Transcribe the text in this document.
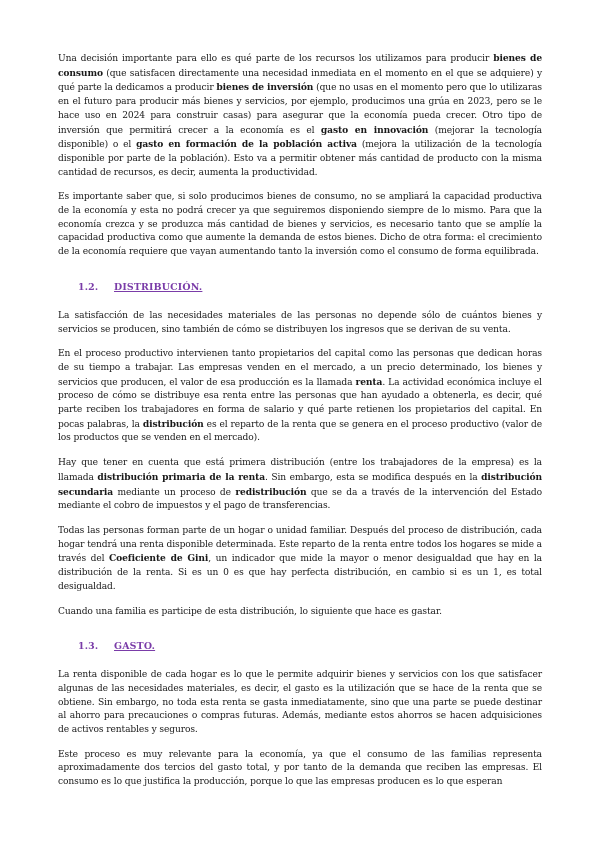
Una decisión importante para ello es qué parte de los recursos los utilizamos para producir bienes de consumo (que satisfacen directamente una necesidad inmediata en el momento en el que se adquiere) y qué parte la dedicamos a producir bienes de inversión (que no usas en el momento pero que lo utilizaras en el futuro para producir más bienes y servicios, por ejemplo, producimos una grúa en 2023, pero se le hace uso en 2024 para construir casas) para asegurar que la economía pueda crecer. Otro tipo de inversión que permitirá crecer a la economía es el gasto en innovación (mejorar la tecnología disponible) o el gasto en formación de la población activa (mejora la utilización de la tecnología disponible por parte de la población). Esto va a permitir obtener más cantidad de producto con la misma cantidad de recursos, es decir, aumenta la productividad.

Es importante saber que, si solo producimos bienes de consumo, no se ampliará la capacidad productiva de la economía y esta no podrá crecer ya que seguiremos disponiendo siempre de lo mismo. Para que la economía crezca y se produzca más cantidad de bienes y servicios, es necesario tanto que se amplíe la capacidad productiva como que aumente la demanda de estos bienes. Dicho de otra forma: el crecimiento de la economía requiere que vayan aumentando tanto la inversión como el consumo de forma equilibrada.

1.2. DISTRIBUCIÓN.

La satisfacción de las necesidades materiales de las personas no depende sólo de cuántos bienes y servicios se producen, sino también de cómo se distribuyen los ingresos que se derivan de su venta.

En el proceso productivo intervienen tanto propietarios del capital como las personas que dedican horas de su tiempo a trabajar. Las empresas venden en el mercado, a un precio determinado, los bienes y servicios que producen, el valor de esa producción es la llamada renta. La actividad económica incluye el proceso de cómo se distribuye esa renta entre las personas que han ayudado a obtenerla, es decir, qué parte reciben los trabajadores en forma de salario y qué parte retienen los propietarios del capital. En pocas palabras, la distribución es el reparto de la renta que se genera en el proceso productivo (valor de los productos que se venden en el mercado).

Hay que tener en cuenta que está primera distribución (entre los trabajadores de la empresa) es la llamada distribución primaria de la renta. Sin embargo, esta se modifica después en la distribución secundaria mediante un proceso de redistribución que se da a través de la intervención del Estado mediante el cobro de impuestos y el pago de transferencias.

Todas las personas forman parte de un hogar o unidad familiar. Después del proceso de distribución, cada hogar tendrá una renta disponible determinada. Este reparto de la renta entre todos los hogares se mide a través del Coeficiente de Gini, un indicador que mide la mayor o menor desigualdad que hay en la distribución de la renta. Si es un 0 es que hay perfecta distribución, en cambio si es un 1, es total desigualdad.

Cuando una familia es participe de esta distribución, lo siguiente que hace es gastar.

1.3. GASTO.

La renta disponible de cada hogar es lo que le permite adquirir bienes y servicios con los que satisfacer algunas de las necesidades materiales, es decir, el gasto es la utilización que se hace de la renta que se obtiene. Sin embargo, no toda esta renta se gasta inmediatamente, sino que una parte se puede destinar al ahorro para precauciones o compras futuras. Además, mediante estos ahorros se hacen adquisiciones de activos rentables y seguros.

Este proceso es muy relevante para la economía, ya que el consumo de las familias representa aproximadamente dos tercios del gasto total, y por tanto de la demanda que reciben las empresas. El consumo es lo que justifica la producción, porque lo que las empresas producen es lo que esperan
